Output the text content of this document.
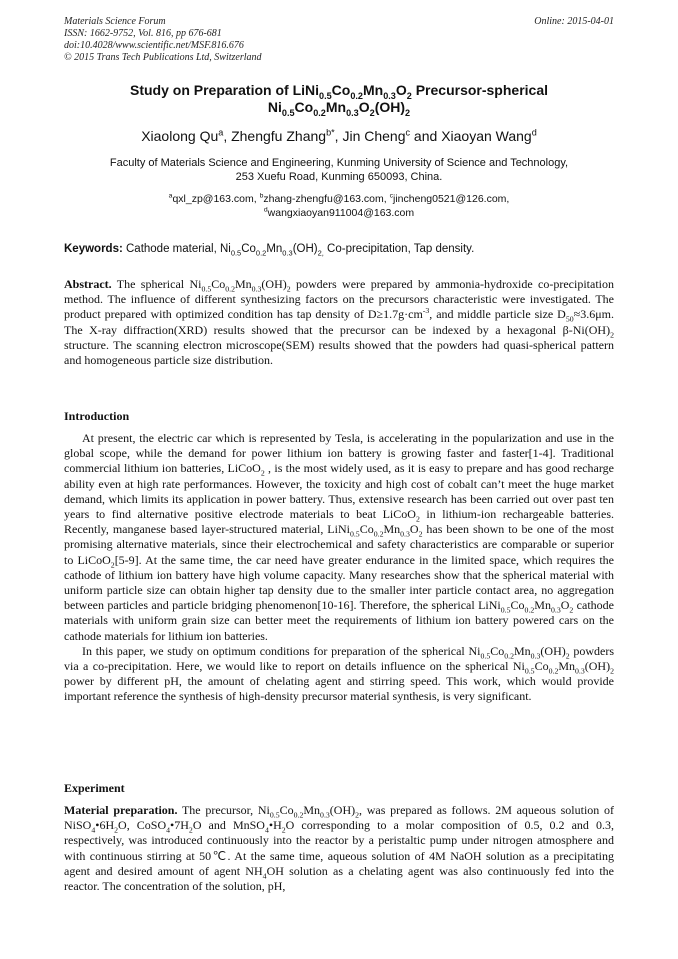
Materials Science Forum
ISSN: 1662-9752, Vol. 816, pp 676-681
doi:10.4028/www.scientific.net/MSF.816.676
© 2015 Trans Tech Publications Ltd, Switzerland
Online: 2015-04-01
Study on Preparation of $LiNi_{0.5}Co_{0.2}Mn_{0.3}O_2$ Precursor-spherical
$Ni_{0.5}Co_{0.2}Mn_{0.3}O_2(OH)_2$
Xiaolong Qu$^a$, Zhengfu Zhang$^{b*}$, Jin Cheng$^c$ and Xiaoyan Wang$^d$
Faculty of Materials Science and Engineering, Kunming University of Science and Technology,
253 Xuefu Road, Kunming 650093, China.
$^a$qxl_zp@163.com, $^b$zhang-zhengfu@163.com, $^c$jincheng0521@126.com,
$^d$wangxiaoyan911004@163.com
Keywords: Cathode material, $Ni_{0.5}Co_{0.2}Mn_{0.3}(OH)_{2,}$ Co-precipitation, Tap density.

Abstract. The spherical $Ni_{0.5}Co_{0.2}Mn_{0.3}(OH)_2$ powders were prepared by ammonia-hydroxide co-precipitation method. The influence of different synthesizing factors on the precursors characteristic were investigated. The product prepared with optimized condition has tap density of $D\ge 1.7g\cdot cm^{-3}$, and middle particle size $D_{50}\approx 3.6\mu m$. The X-ray diffraction(XRD) results showed that the precursor can be indexed by a hexagonal $\beta-Ni(OH)_2$ structure. The scanning electron microscope(SEM) results showed that the powders had quasi-spherical pattern and homogeneous particle size distribution.

Introduction

At present, the electric car which is represented by Tesla, is accelerating in the popularization and use in the global scope, while the demand for power lithium ion battery is growing faster and faster[1-4]. Traditional commercial lithium ion batteries, LiCoO$_2$ , is the most widely used, as it is easy to prepare and has good recharge ability even at high rate performances. However, the toxicity and high cost of cobalt can’t meet the huge market demand, which limits its application in power battery. Thus, extensive research has been carried out over past ten years to find alternative positive electrode materials to beat LiCoO$_2$ in lithium-ion rechargeable batteries. Recently, manganese based layer-structured material, $LiNi_{0.5}Co_{0.2}Mn_{0.3}O_2$ has been shown to be one of the most promising alternative materials, since their electrochemical and safety characteristics are comparable or superior to LiCoO$_2$[5-9]. At the same time, the car need have greater endurance in the limited space, which requires the cathode of lithium ion battery have high volume capacity. Many researches show that the spherical material with uniform particle size can obtain higher tap density due to the smaller inter particle contact area, no aggregation between particles and particle bridging phenomenon[10-16]. Therefore, the spherical $LiNi_{0.5}Co_{0.2}Mn_{0.3}O_2$ cathode materials with uniform grain size can better meet the requirements of lithium ion battery powered cars on the cathode materials for lithium ion batteries.

In this paper, we study on optimum conditions for preparation of the spherical $Ni_{0.5}Co_{0.2}Mn_{0.3}(OH)_2$ powders via a co-precipitation. Here, we would like to report on details influence on the spherical $Ni_{0.5}Co_{0.2}Mn_{0.3}(OH)_2$ power by different pH, the amount of chelating agent and stirring speed. This work, which would provide important reference the synthesis of high-density precursor material synthesis, is very significant.

Experiment

Material preparation. The precursor, $Ni_{0.5}Co_{0.2}Mn_{0.3}(OH)_2$, was prepared as follows. 2M aqueous solution of $NiSO_4•6H_2O$, $CoSO_4•7H_2O$ and $MnSO_4•H_2O$ corresponding to a molar composition of 0.5, 0.2 and 0.3, respectively, was introduced continuously into the reactor by a peristaltic pump under nitrogen atmosphere and with continuous stirring at 50℃. At the same time, aqueous solution of 4M NaOH solution as a precipitating agent and desired amount of agent $NH_4OH$ solution as a chelating agent was also continuously fed into the reactor. The concentration of the solution, pH,
